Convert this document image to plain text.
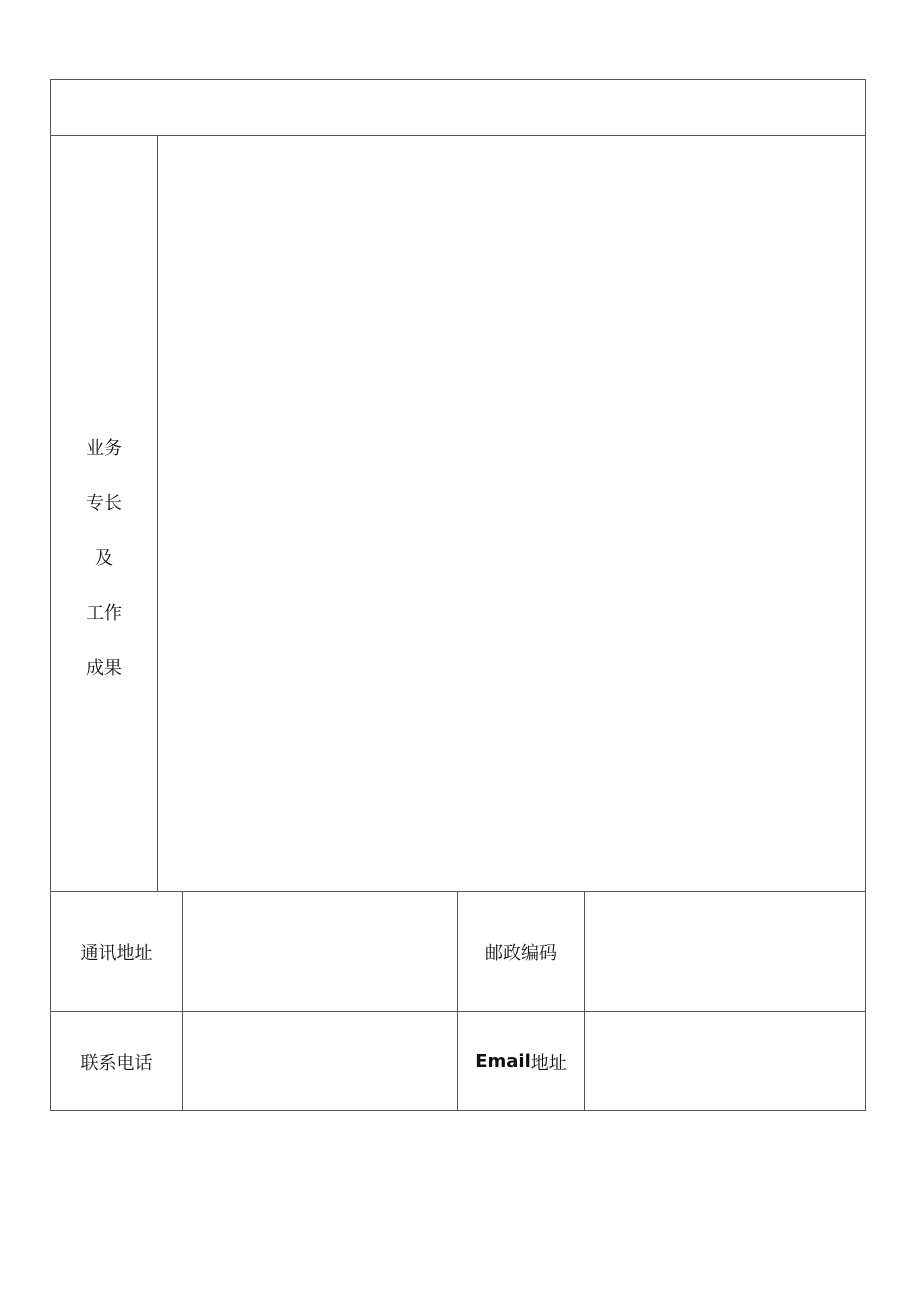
业务
专长
及
工作
成果
通讯地址	邮政编码
联系电话	Email 地址
